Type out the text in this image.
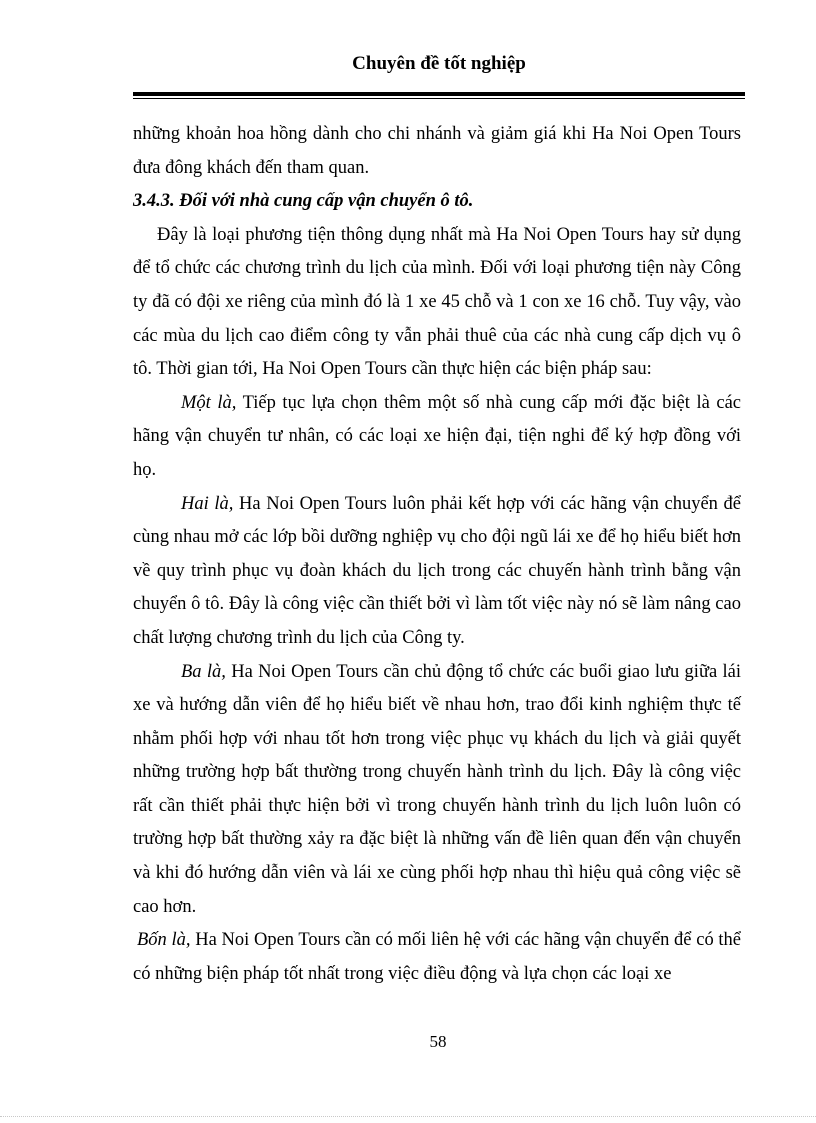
Chuyên đề tốt nghiệp

những khoản hoa hồng dành cho chi nhánh và giảm giá khi Ha Noi Open Tours đưa đông khách đến tham quan.

3.4.3. Đối với nhà cung cấp vận chuyển ô tô.

Đây là loại phương tiện thông dụng nhất mà Ha Noi Open Tours hay sử dụng để tổ chức các chương trình du lịch của mình. Đối với loại phương tiện này Công ty đã có đội xe riêng của mình đó là 1 xe 45 chỗ và 1 con xe 16 chỗ. Tuy vậy, vào các mùa du lịch cao điểm công ty vẫn phải thuê của các nhà cung cấp dịch vụ ô tô. Thời gian tới, Ha Noi Open Tours cần thực hiện các biện pháp sau:

Một là, Tiếp tục lựa chọn thêm một số nhà cung cấp mới đặc biệt là các hãng vận chuyển tư nhân, có các loại xe hiện đại, tiện nghi để ký hợp đồng với họ.

Hai là, Ha Noi Open Tours luôn phải kết hợp với các hãng vận chuyển để cùng nhau mở các lớp bồi dưỡng nghiệp vụ cho đội ngũ lái xe để họ hiểu biết hơn về quy trình phục vụ đoàn khách du lịch trong các chuyến hành trình bằng vận chuyển ô tô. Đây là công việc cần thiết bởi vì làm tốt việc này nó sẽ làm nâng cao chất lượng chương trình du lịch của Công ty.

Ba là, Ha Noi Open Tours cần chủ động tổ chức các buổi giao lưu giữa lái xe và hướng dẫn viên để họ hiểu biết về nhau hơn, trao đổi kinh nghiệm thực tế nhằm phối hợp với nhau tốt hơn trong việc phục vụ khách du lịch và giải quyết những trường hợp bất thường trong chuyến hành trình du lịch. Đây là công việc rất cần thiết phải thực hiện bởi vì trong chuyến hành trình du lịch luôn luôn có trường hợp bất thường xảy ra đặc biệt là những vấn đề liên quan đến vận chuyển và khi đó hướng dẫn viên và lái xe cùng phối hợp nhau thì hiệu quả công việc sẽ cao hơn.

Bốn là, Ha Noi Open Tours cần có mối liên hệ với các hãng vận chuyển để có thể có những biện pháp tốt nhất trong việc điều động và lựa chọn các loại xe

58
